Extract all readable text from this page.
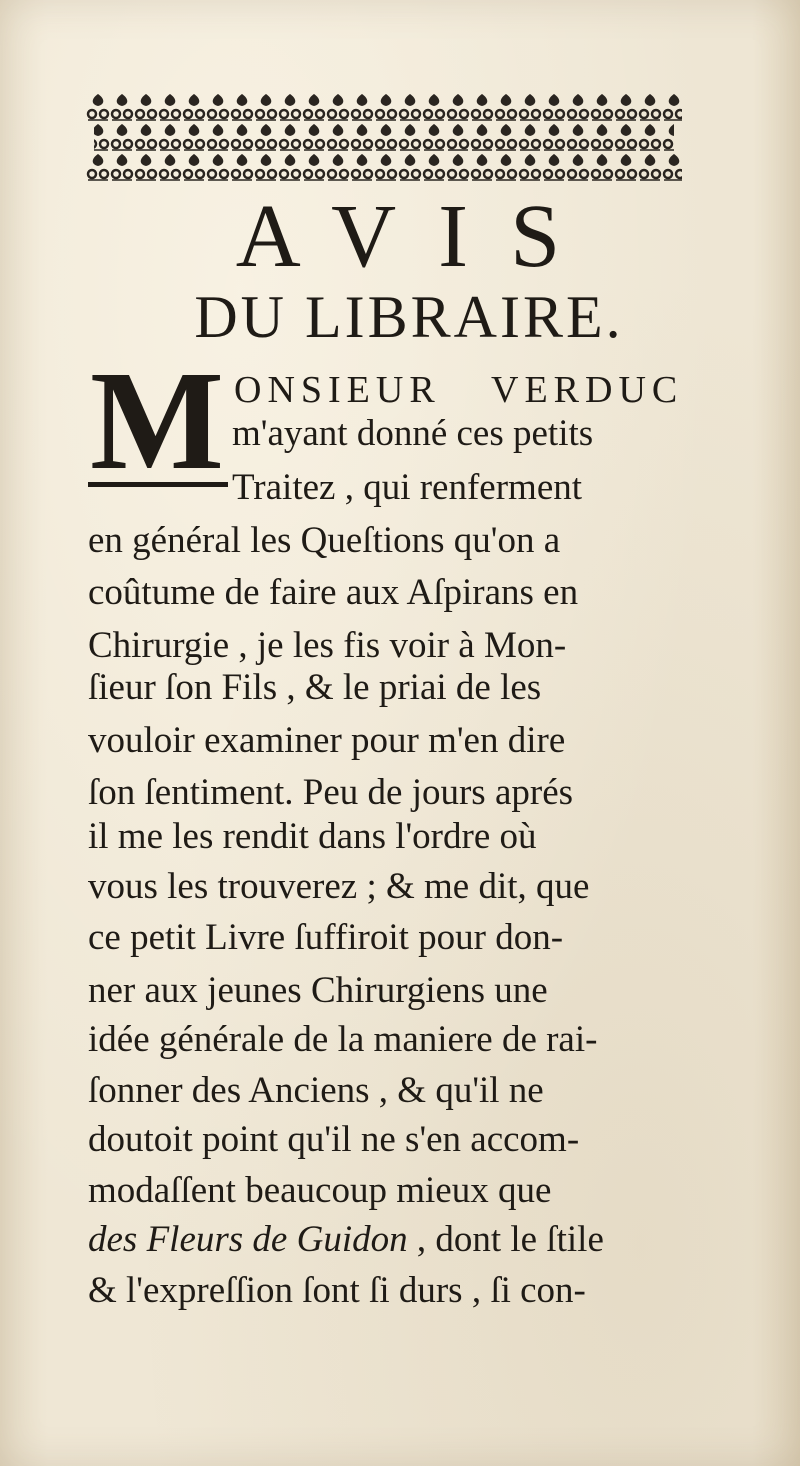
AVIS
DU LIBRAIRE.
M ONSIEUR VERDUC
m'ayant donné ces petits
Traitez , qui renferment
en général les Queſtions qu'on a
coûtume de faire aux Aſpirans en
Chirurgie , je les fis voir à Mon-
ſieur ſon Fils , & le priai de les
vouloir examiner pour m'en dire
ſon ſentiment. Peu de jours aprés
il me les rendit dans l'ordre où
vous les trouverez ; & me dit, que
ce petit Livre ſuffiroit pour don-
ner aux jeunes Chirurgiens une
idée générale de la maniere de rai-
ſonner des Anciens , & qu'il ne
doutoit point qu'il ne s'en accom-
modaſſent beaucoup mieux que
des Fleurs de Guidon , dont le ſtile
& l'expreſſion ſont ſi durs , ſi con-
